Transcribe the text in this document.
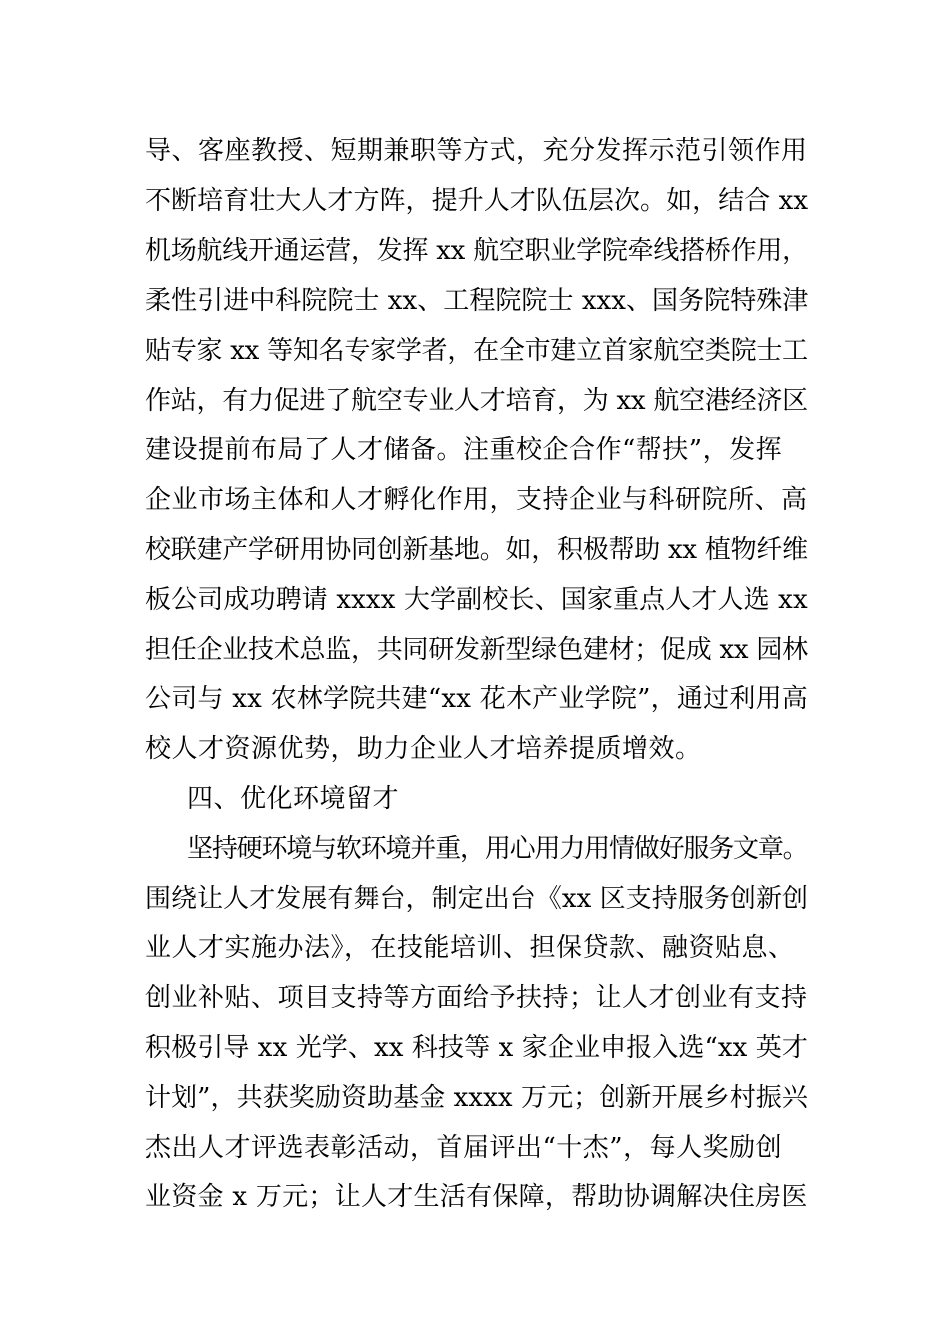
导、客座教授、短期兼职等方式，充分发挥示范引领作用
不断培育壮大人才方阵，提升人才队伍层次。如，结合 xx
机场航线开通运营，发挥 xx 航空职业学院牵线搭桥作用，
柔性引进中科院院士 xx、工程院院士 xxx、国务院特殊津
贴专家 xx 等知名专家学者，在全市建立首家航空类院士工
作站，有力促进了航空专业人才培育，为 xx 航空港经济区
建设提前布局了人才储备。注重校企合作“帮扶”，发挥
企业市场主体和人才孵化作用，支持企业与科研院所、高
校联建产学研用协同创新基地。如，积极帮助 xx 植物纤维
板公司成功聘请 xxxx 大学副校长、国家重点人才人选 xx
担任企业技术总监，共同研发新型绿色建材；促成 xx 园林
公司与 xx 农林学院共建“xx 花木产业学院”，通过利用高
校人才资源优势，助力企业人才培养提质增效。
四、优化环境留才
坚持硬环境与软环境并重，用心用力用情做好服务文章。
围绕让人才发展有舞台，制定出台《xx 区支持服务创新创
业人才实施办法》，在技能培训、担保贷款、融资贴息、
创业补贴、项目支持等方面给予扶持；让人才创业有支持
积极引导 xx 光学、xx 科技等 x 家企业申报入选“xx 英才
计划”，共获奖励资助基金 xxxx 万元；创新开展乡村振兴
杰出人才评选表彰活动，首届评出“十杰”，每人奖励创
业资金 x 万元；让人才生活有保障，帮助协调解决住房医
